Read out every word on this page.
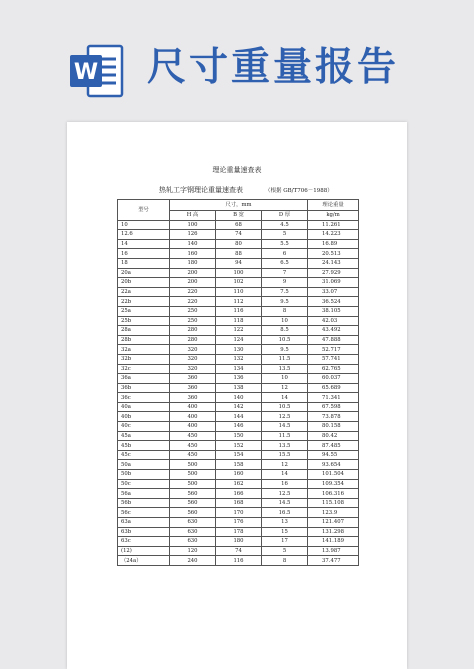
W 尺寸重量报告
理论重量速查表
热轧工字钢理论重量速查表	（根据 GB/T706－1988）
型号	尺寸，mm			理论重量
	H 高	B 宽	D 厚	kg/m
10	100	68	4.5	11.261
12.6	126	74	5	14.223
14	140	80	5.5	16.89
16	160	88	6	20.513
18	180	94	6.5	24.143
20a	200	100	7	27.929
20b	200	102	9	31.069
22a	220	110	7.5	33.07
22b	220	112	9.5	36.524
25a	250	116	8	38.105
25b	250	118	10	42.03
28a	280	122	8.5	43.492
28b	280	124	10.5	47.888
32a	320	130	9.5	52.717
32b	320	132	11.5	57.741
32c	320	134	13.5	62.765
36a	360	136	10	60.037
36b	360	138	12	65.689
36c	360	140	14	71.341
40a	400	142	10.5	67.598
40b	400	144	12.5	73.878
40c	400	146	14.5	80.158
45a	450	150	11.5	80.42
45b	450	152	13.5	87.485
45c	450	154	15.5	94.55
50a	500	158	12	93.654
50b	500	160	14	101.504
50c	500	162	16	109.354
56a	560	166	12.5	106.316
56b	560	168	14.5	115.108
56c	560	170	16.5	123.9
63a	630	176	13	121.407
63b	630	178	15	131.298
63c	630	180	17	141.189
(12)	120	74	5	13.987
（24a）	240	116	8	37.477
